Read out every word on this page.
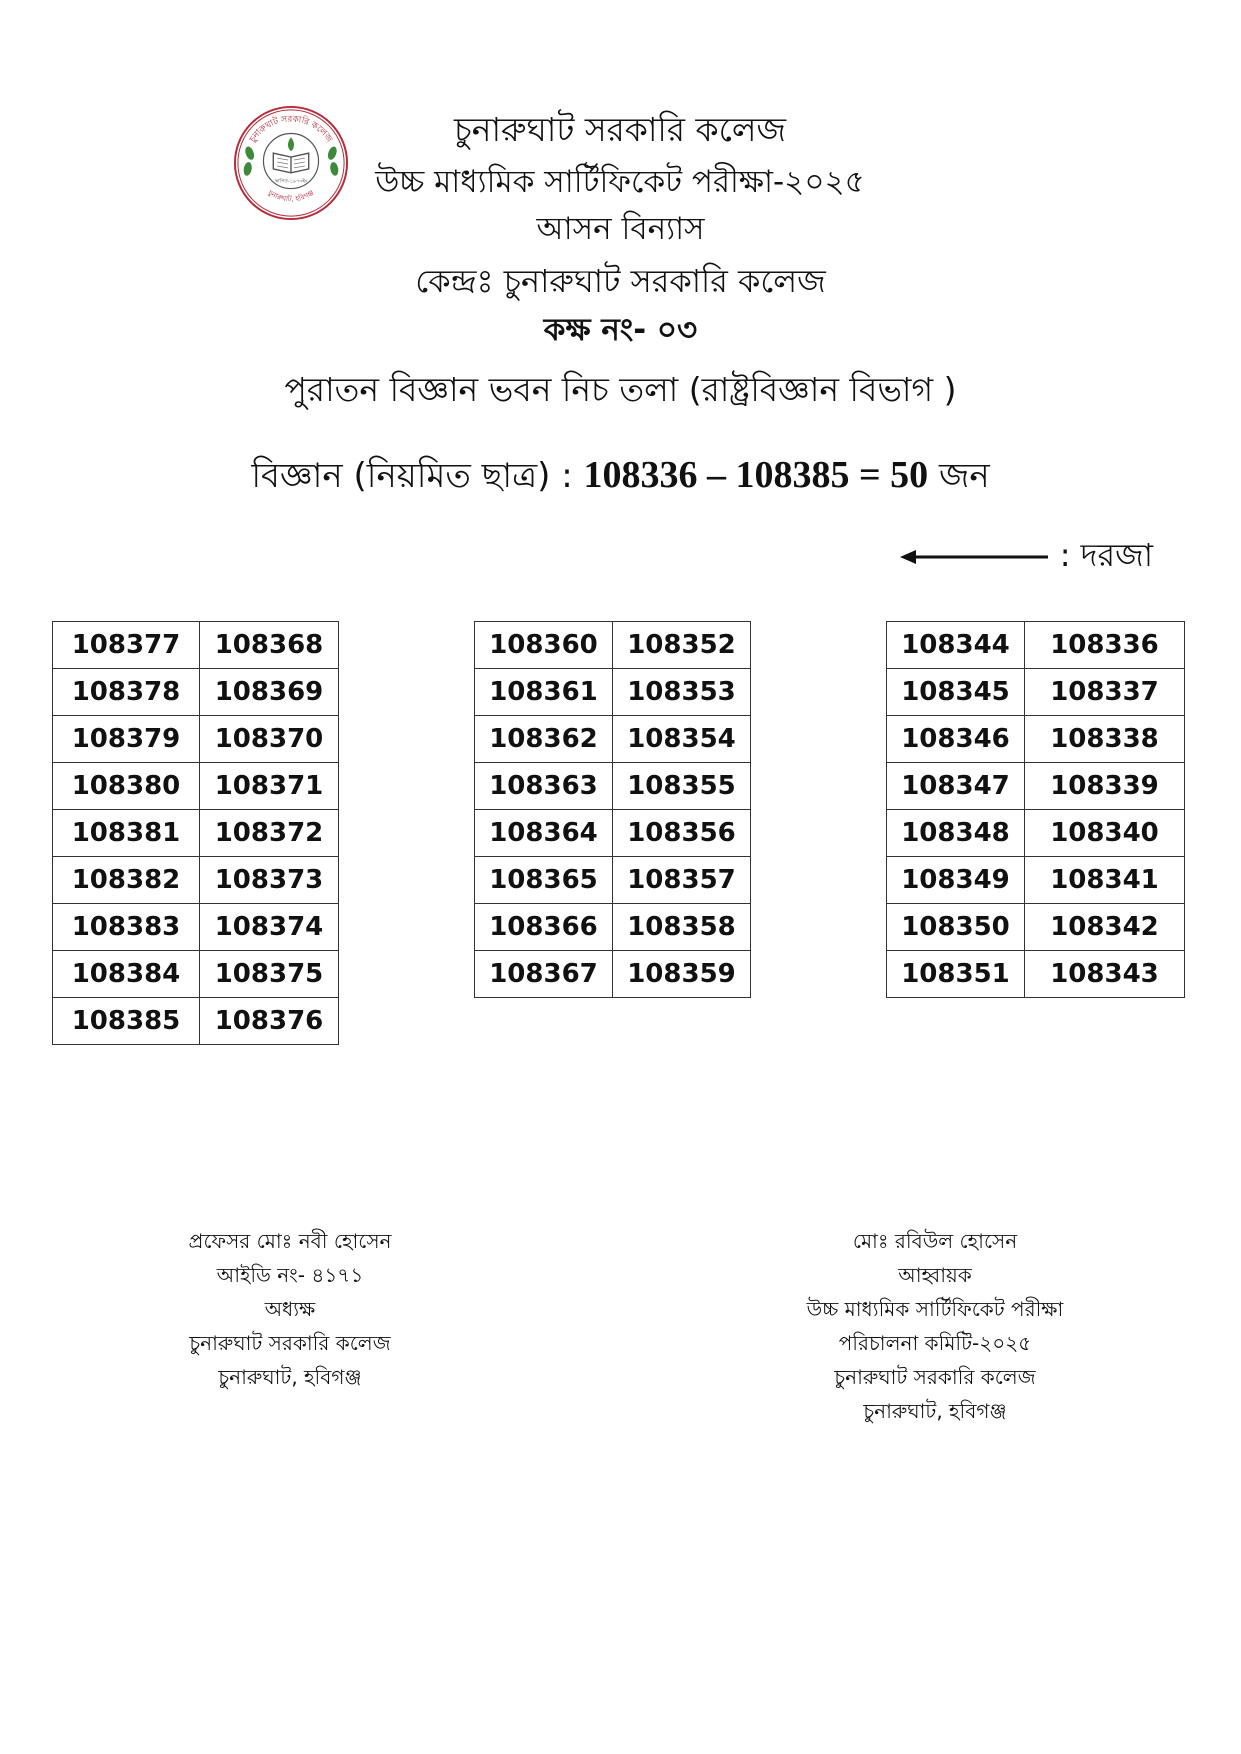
চুনারুঘাট সরকারি কলেজ
চুনারুঘাট, হবিগঞ্জ
স্থাপিত-১৯৭৩ইং
চুনারুঘাট সরকারি কলেজ
উচ্চ মাধ্যমিক সার্টিফিকেট পরীক্ষা-২০২৫
আসন বিন্যাস
কেন্দ্রঃ চুনারুঘাট সরকারি কলেজ
কক্ষ নং- ০৩
পুরাতন বিজ্ঞান ভবন নিচ তলা (রাষ্ট্রবিজ্ঞান বিভাগ )
বিজ্ঞান (নিয়মিত ছাত্র) : 108336 – 108385 = 50 জন
: দরজা
108377	108368
108378	108369
108379	108370
108380	108371
108381	108372
108382	108373
108383	108374
108384	108375
108385	108376
108360	108352
108361	108353
108362	108354
108363	108355
108364	108356
108365	108357
108366	108358
108367	108359
108344	108336
108345	108337
108346	108338
108347	108339
108348	108340
108349	108341
108350	108342
108351	108343
প্রফেসর মোঃ নবী হোসেন
আইডি নং- ৪১৭১
অধ্যক্ষ
চুনারুঘাট সরকারি কলেজ
চুনারুঘাট, হবিগঞ্জ
মোঃ রবিউল হোসেন
আহ্বায়ক
উচ্চ মাধ্যমিক সার্টিফিকেট পরীক্ষা
পরিচালনা কমিটি-২০২৫
চুনারুঘাট সরকারি কলেজ
চুনারুঘাট, হবিগঞ্জ
